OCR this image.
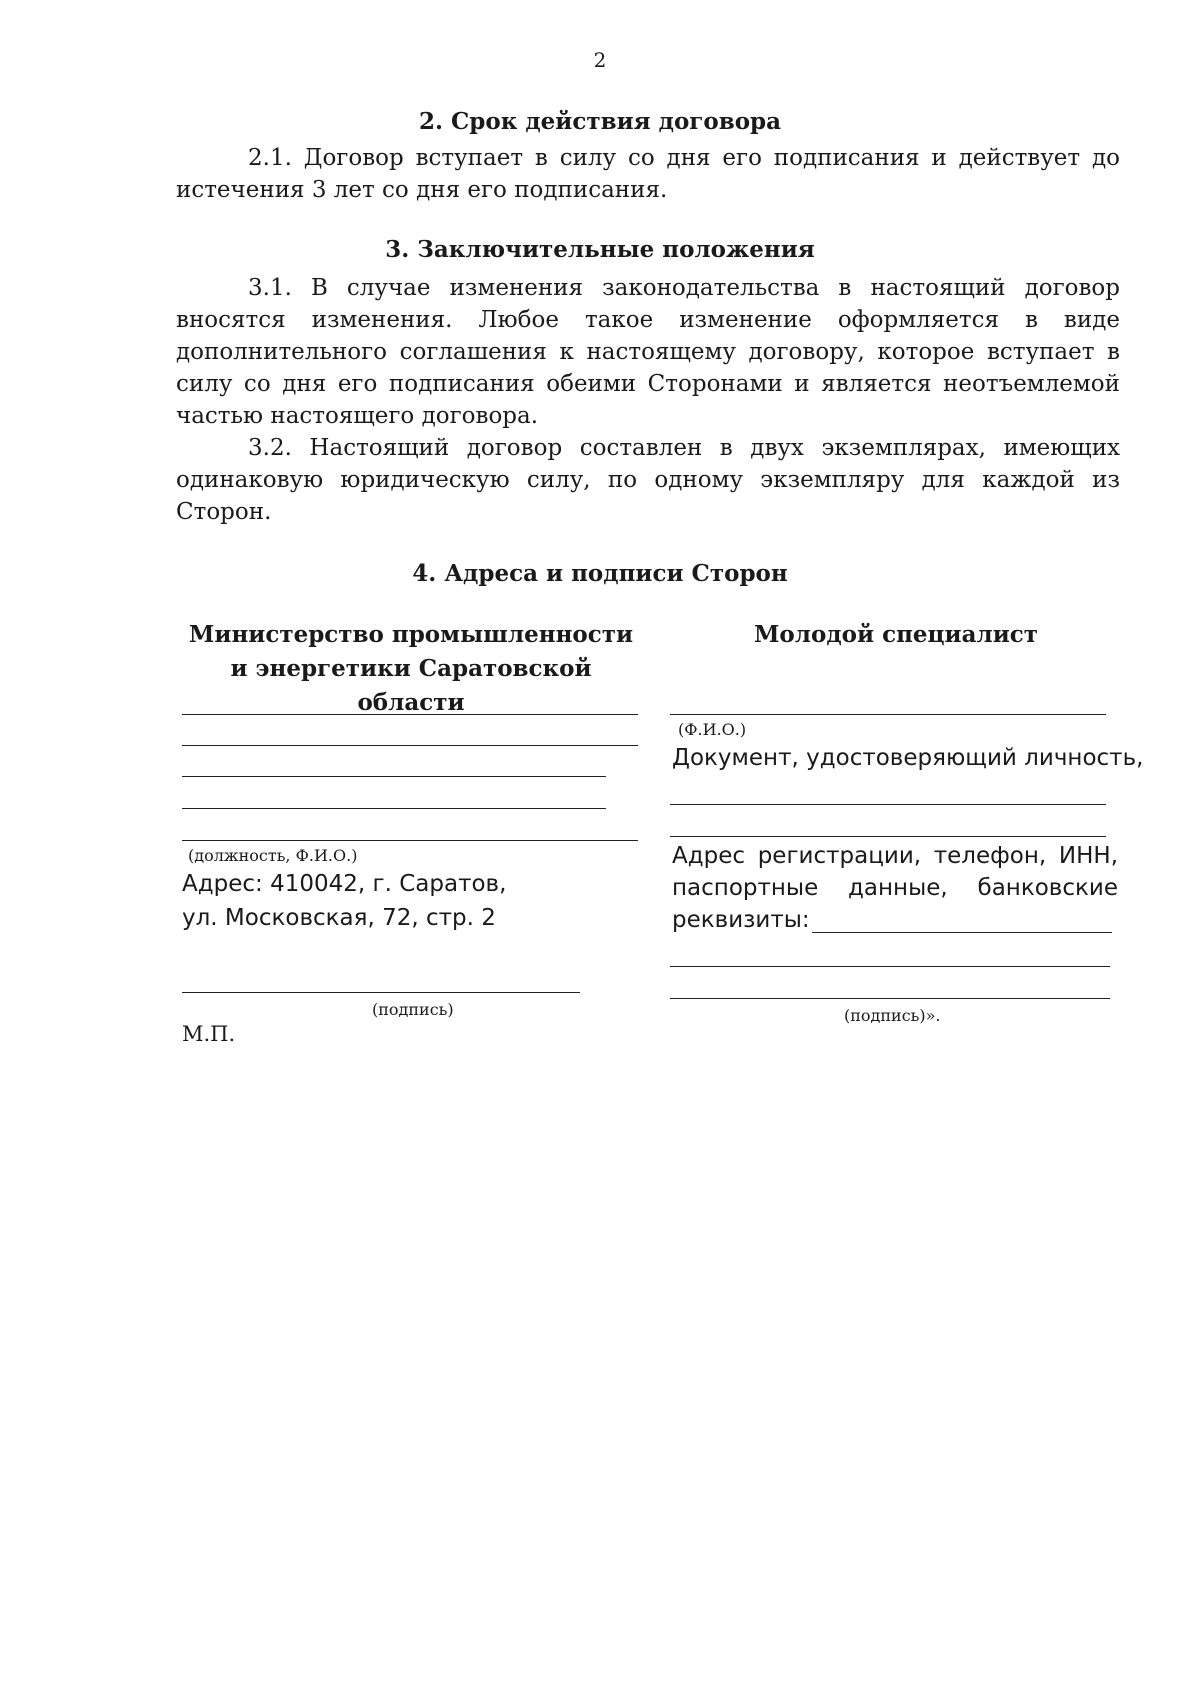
2
2. Срок действия договора
2.1. Договор вступает в силу со дня его подписания и действует до истечения 3 лет со дня его подписания.
3. Заключительные положения
3.1. В случае изменения законодательства в настоящий договор вносятся изменения. Любое такое изменение оформляется в виде дополнительного соглашения к настоящему договору, которое вступает в силу со дня его подписания обеими Сторонами и является неотъемлемой частью настоящего договора.
3.2. Настоящий договор составлен в двух экземплярах, имеющих одинаковую юридическую силу, по одному экземпляру для каждой из Сторон.
4. Адреса и подписи Сторон
Министерство промышленности
и энергетики Саратовской области
(должность, Ф.И.О.)
Адрес: 410042, г. Саратов,
ул. Московская, 72, стр. 2
(подпись)
М.П.
Молодой специалист
(Ф.И.О.)
Документ, удостоверяющий личность,
Адрес регистрации, телефон, ИНН,
паспортные данные, банковские
реквизиты:
(подпись)».
